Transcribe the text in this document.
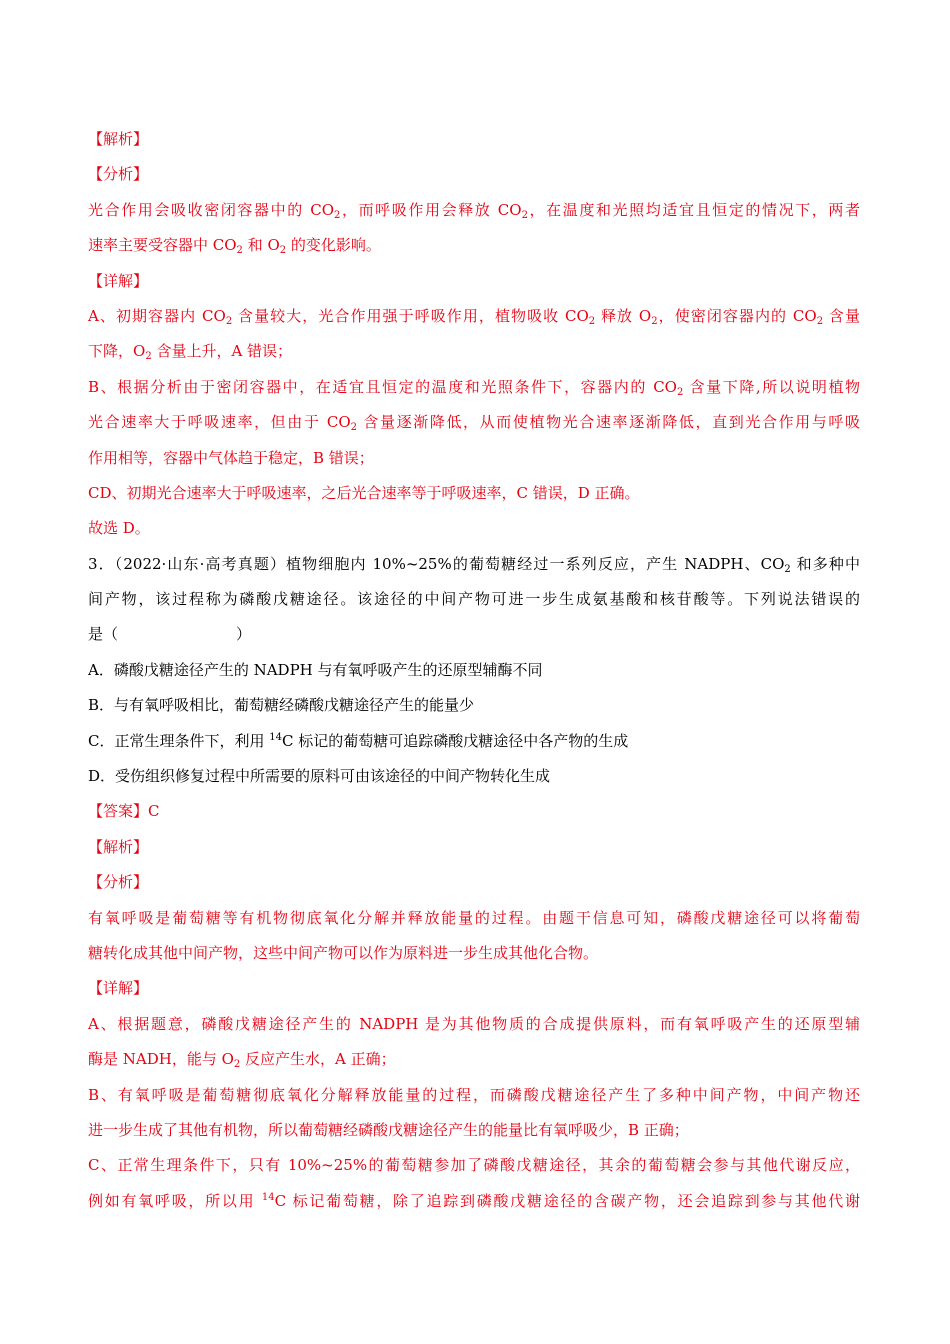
【解析】
【分析】
光合作用会吸收密闭容器中的 $CO_2$，而呼吸作用会释放 $CO_2$，在温度和光照均适宜且恒定的情况下，两者
速率主要受容器中 $CO_2$ 和 $O_2$ 的变化影响。
【详解】
A、初期容器内 $CO_2$ 含量较大，光合作用强于呼吸作用，植物吸收 $CO_2$ 释放 $O_2$，使密闭容器内的 $CO_2$ 含量
下降，$O_2$ 含量上升，A 错误；
B、根据分析由于密闭容器中，在适宜且恒定的温度和光照条件下，容器内的 $CO_2$ 含量下降,所以说明植物
光合速率大于呼吸速率，但由于 $CO_2$ 含量逐渐降低，从而使植物光合速率逐渐降低，直到光合作用与呼吸
作用相等，容器中气体趋于稳定，B 错误；
CD、初期光合速率大于呼吸速率，之后光合速率等于呼吸速率，C 错误，D 正确。
故选 D。
3．（2022·山东·高考真题）植物细胞内 10%~25%的葡萄糖经过一系列反应，产生 NADPH、$CO_2$ 和多种中
间产物，该过程称为磷酸戊糖途径。该途径的中间产物可进一步生成氨基酸和核苷酸等。下列说法错误的
是（	）
A．磷酸戊糖途径产生的 NADPH 与有氧呼吸产生的还原型辅酶不同
B．与有氧呼吸相比，葡萄糖经磷酸戊糖途径产生的能量少
C．正常生理条件下，利用 $^{14}$C 标记的葡萄糖可追踪磷酸戊糖途径中各产物的生成
D．受伤组织修复过程中所需要的原料可由该途径的中间产物转化生成
【答案】C
【解析】
【分析】
有氧呼吸是葡萄糖等有机物彻底氧化分解并释放能量的过程。由题干信息可知，磷酸戊糖途径可以将葡萄
糖转化成其他中间产物，这些中间产物可以作为原料进一步生成其他化合物。
【详解】
A、根据题意，磷酸戊糖途径产生的 NADPH 是为其他物质的合成提供原料，而有氧呼吸产生的还原型辅
酶是 NADH，能与 $O_2$ 反应产生水，A 正确；
B、有氧呼吸是葡萄糖彻底氧化分解释放能量的过程，而磷酸戊糖途径产生了多种中间产物，中间产物还
进一步生成了其他有机物，所以葡萄糖经磷酸戊糖途径产生的能量比有氧呼吸少，B 正确；
C、正常生理条件下，只有 10%~25%的葡萄糖参加了磷酸戊糖途径，其余的葡萄糖会参与其他代谢反应，
例如有氧呼吸，所以用 $^{14}$C 标记葡萄糖，除了追踪到磷酸戊糖途径的含碳产物，还会追踪到参与其他代谢
